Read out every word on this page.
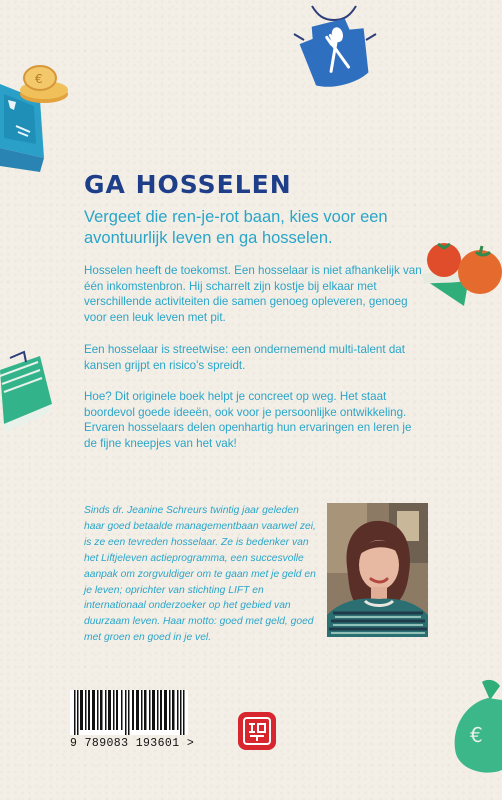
€
€
GA HOSSELEN

Vergeet die ren-je-rot baan, kies voor een avontuurlijk leven en ga hosselen.

Hosselen heeft de toekomst. Een hosselaar is niet afhankelijk van één inkomstenbron. Hij scharrelt zijn kostje bij elkaar met verschillende activiteiten die samen genoeg opleveren, genoeg voor een leuk leven met pit.

Een hosselaar is streetwise: een ondernemend multi-talent dat kansen grijpt en risico's spreidt.

Hoe? Dit originele boek helpt je concreet op weg. Het staat boordevol goede ideeën, ook voor je persoonlijke ontwikkeling. Ervaren hosselaars delen openhartig hun ervaringen en leren je de fijne kneepjes van het vak!

Sinds dr. Jeanine Schreurs twintig jaar geleden haar goed betaalde managementbaan vaarwel zei, is ze een tevreden hosselaar. Ze is bedenker van het Liftjeleven actieprogramma, een succesvolle aanpak om zorgvuldiger om te gaan met je geld en je leven; oprichter van stichting LIFT en internationaal onderzoeker op het gebied van duurzaam leven. Haar motto: goed met geld, goed met groen en goed in je vel.

9 789083 193601 >
